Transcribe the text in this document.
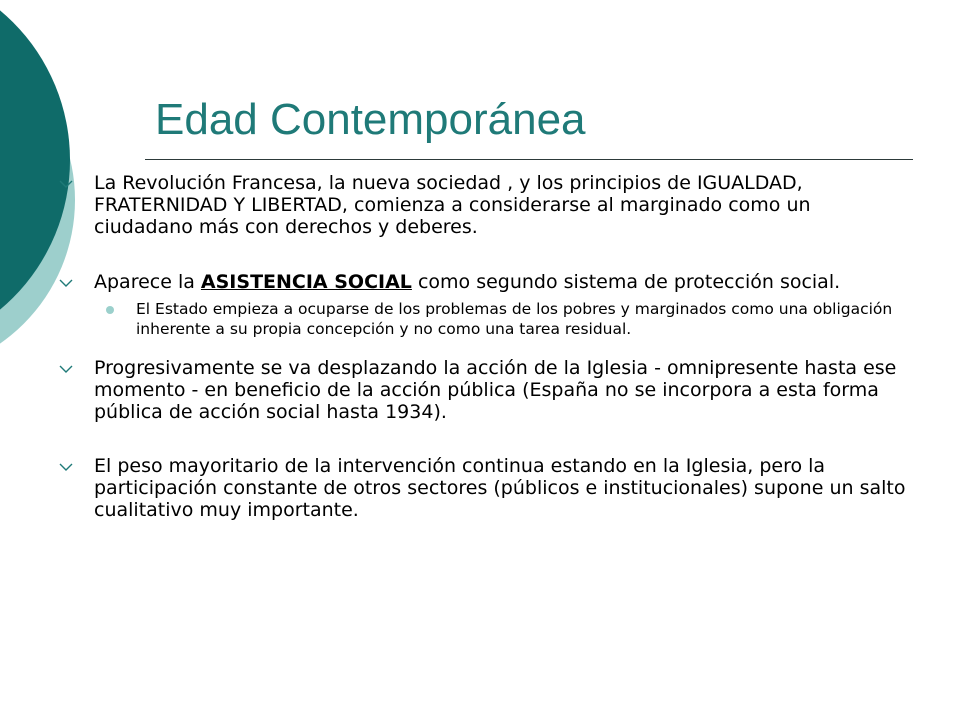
Edad Contemporánea
La Revolución Francesa, la nueva sociedad , y los principios de IGUALDAD, FRATERNIDAD Y LIBERTAD, comienza a considerarse al marginado como un ciudadano más con derechos y deberes.
Aparece la ASISTENCIA SOCIAL como segundo sistema de protección social.
El Estado empieza a ocuparse de los problemas de los pobres y marginados como una obligación inherente a su propia concepción y no como una tarea residual.
Progresivamente se va desplazando la acción de la Iglesia - omnipresente hasta ese momento - en beneficio de la acción pública (España no se incorpora a esta forma pública de acción social hasta 1934).
El peso mayoritario de la intervención continua estando en la Iglesia, pero la participación constante de otros sectores (públicos e institucionales) supone un salto cualitativo muy importante.
